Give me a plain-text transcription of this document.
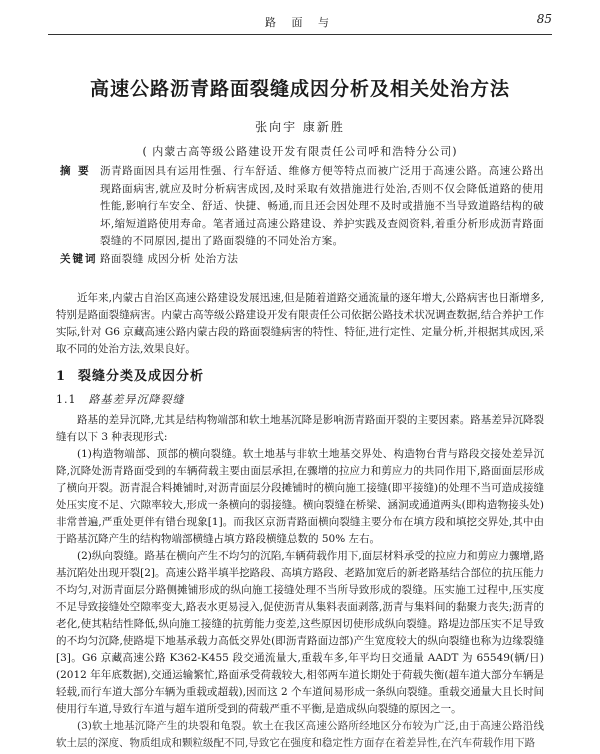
路 面 与	85
高速公路沥青路面裂缝成因分析及相关处治方法
张向宇 康新胜
( 内蒙古高等级公路建设开发有限责任公司呼和浩特分公司)
摘 要 沥青路面因具有运用性强、行车舒适、维修方便等特点而被广泛用于高速公路。高速公路出现路面病害,就应及时分析病害成因,及时采取有效措施进行处治,否则不仅会降低道路的使用性能,影响行车安全、舒适、快捷、畅通,而且还会因处理不及时或措施不当导致道路结构的破坏,缩短道路使用寿命。笔者通过高速公路建设、养护实践及查阅资料,着重分析形成沥青路面裂缝的不同原因,提出了路面裂缝的不同处治方案。
关键词 路面裂缝 成因分析 处治方法

近年来,内蒙古自治区高速公路建设发展迅速,但是随着道路交通流量的逐年增大,公路病害也日渐增多,特别是路面裂缝病害。内蒙古高等级公路建设开发有限责任公司依据公路技术状况调查数据,结合养护工作实际,针对 G6 京藏高速公路内蒙古段的路面裂缝病害的特性、特征,进行定性、定量分析,并根据其成因,采取不同的处治方法,效果良好。

1 裂缝分类及成因分析
1.1 路基差异沉降裂缝

路基的差异沉降,尤其是结构物端部和软土地基沉降是影响沥青路面开裂的主要因素。路基差异沉降裂缝有以下 3 种表现形式:

(1)构造物端部、顶部的横向裂缝。软土地基与非软土地基交界处、构造物台背与路段交接处差异沉降,沉降处沥青路面受到的车辆荷载主要由面层承担,在骤增的拉应力和剪应力的共同作用下,路面面层形成了横向开裂。沥青混合料摊铺时,对沥青面层分段摊铺时的横向施工接缝(即平接缝)的处理不当可造成接缝处压实度不足、穴隙率较大,形成一条横向的弱接缝。横向裂缝在桥梁、涵洞或通道两头(即构造物接头处)非常普遍,严重处更伴有错台现象[1]。而我区京沥青路面横向裂缝主要分布在填方段和填挖交界处,其中由于路基沉降产生的结构物端部横缝占填方路段横缝总数的 50% 左右。

(2)纵向裂缝。路基在横向产生不均匀的沉陷,车辆荷载作用下,面层材料承受的拉应力和剪应力骤增,路基沉陷处出现开裂[2]。高速公路半填半挖路段、高填方路段、老路加宽后的新老路基结合部位的抗压能力不均匀,对沥青面层分路侧摊铺形成的纵向施工接缝处理不当所导致形成的裂缝。压实施工过程中,压实度不足导致接缝处空隙率变大,路表水更易浸入,促使沥青从集料表面剥落,沥青与集料间的黏聚力丧失;沥青的老化,使其粘结性降低,纵向施工接缝的抗剪能力变差,这些原因切使形成纵向裂缝。路堤边部压实不足导致的不均匀沉降,使路堤下地基承载力高低交界处(即沥青路面边部)产生宽度较大的纵向裂缝也称为边缘裂缝[3]。G6 京藏高速公路 K362-K455 段交通流量大,重载车多,年平均日交通量 AADT 为 65549(辆/日)(2012 年年底数据),交通运输繁忙,路面承受荷载较大,相邻两车道长期处于荷载失衡(超车道大部分车辆是轻载,而行车道大部分车辆为重载或超载),因而这 2 个车道间易形成一条纵向裂缝。重载交通量大且长时间使用行车道,导致行车道与超车道所受到的荷载严重不平衡,是造成纵向裂缝的原因之一。

(3)软土地基沉降产生的块裂和龟裂。软土在我区高速公路所经地区分布较为广泛,由于高速公路沿线软土层的深度、物质组成和颗粒级配不同,导致它在强度和稳定性方面存在着差异性,在汽车荷载作用下路
